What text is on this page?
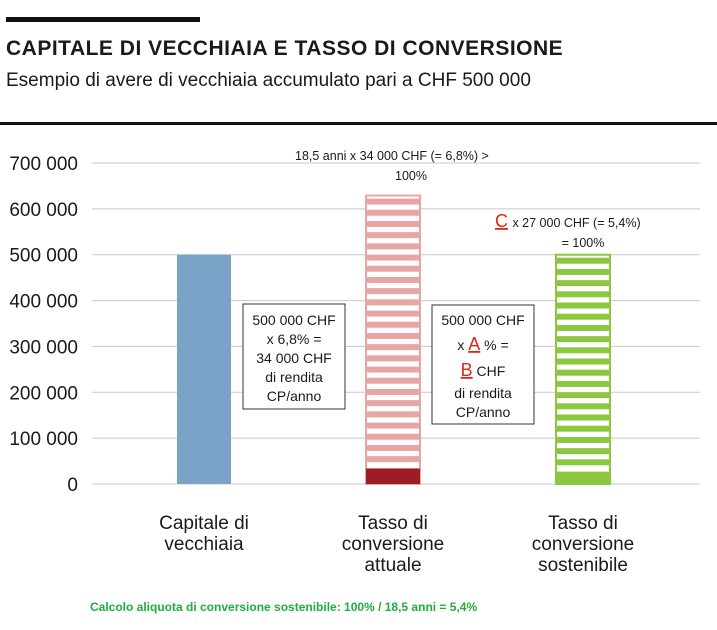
CAPITALE DI VECCHIAIA E TASSO DI CONVERSIONE
Esempio di avere di vecchiaia accumulato pari a CHF 500 000
0
100 000
200 000
300 000
400 000
500 000
600 000
700 000	18,5 anni x 34 000 CHF (= 6,8%) >
100%
C x 27 000 CHF (= 5,4%)
= 100%
500 000 CHF
x 6,8% =
34 000 CHF
di rendita
CP/anno
500 000 CHF
x A % =
B CHF
di rendita
CP/anno
Capitale di vecchiaia
Tasso di conversione attuale
Tasso di conversione sostenibile

Calcolo aliquota di conversione sostenibile: 100% / 18,5 anni = 5,4%
